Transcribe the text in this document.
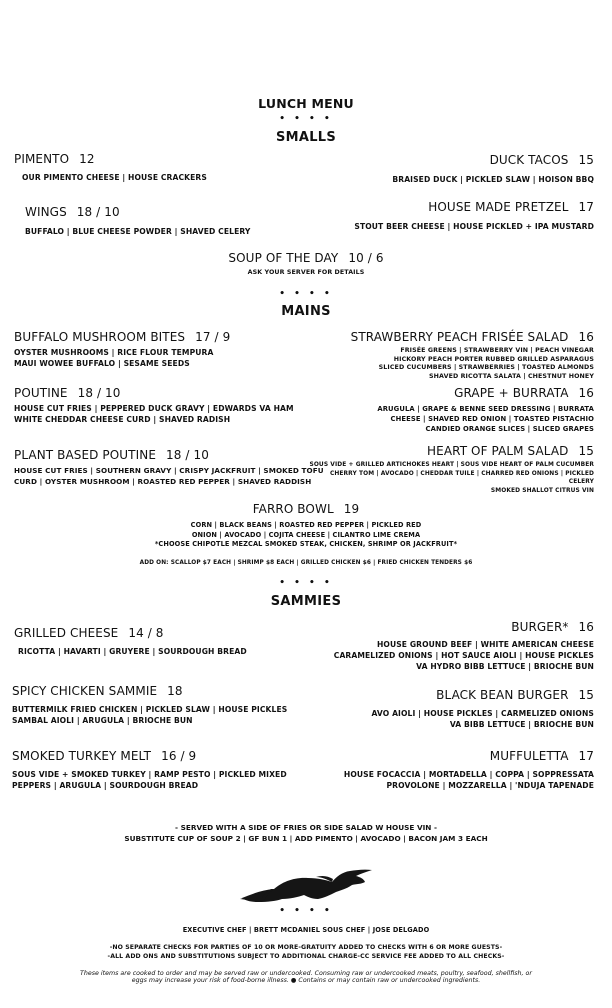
LUNCH MENU
• • • •
SMALLS
PIMENTO 12
OUR PIMENTO CHEESE | HOUSE CRACKERS
DUCK TACOS 15
BRAISED DUCK | PICKLED SLAW | HOISON BBQ
WINGS 18 / 10
BUFFALO | BLUE CHEESE POWDER | SHAVED CELERY
HOUSE MADE PRETZEL 17
STOUT BEER CHEESE | HOUSE PICKLED + IPA MUSTARD
SOUP OF THE DAY 10 / 6
ASK YOUR SERVER FOR DETAILS
• • • •
MAINS
BUFFALO MUSHROOM BITES 17 / 9
OYSTER MUSHROOMS | RICE FLOUR TEMPURA
MAUI WOWEE BUFFALO | SESAME SEEDS
STRAWBERRY PEACH FRISÉE SALAD 16
FRISÉE GREENS | STRAWBERRY VIN | PEACH VINEGAR
HICKORY PEACH PORTER RUBBED GRILLED ASPARAGUS
SLICED CUCUMBERS | STRAWBERRIES | TOASTED ALMONDS
SHAVED RICOTTA SALATA | CHESTNUT HONEY
POUTINE 18 / 10
HOUSE CUT FRIES | PEPPERED DUCK GRAVY | EDWARDS VA HAM
WHITE CHEDDAR CHEESE CURD | SHAVED RADISH
GRAPE + BURRATA 16
ARUGULA | GRAPE & BENNE SEED DRESSING | BURRATA
CHEESE | SHAVED RED ONION | TOASTED PISTACHIO
CANDIED ORANGE SLICES | SLICED GRAPES
PLANT BASED POUTINE 18 / 10
HOUSE CUT FRIES | SOUTHERN GRAVY | CRISPY JACKFRUIT | SMOKED TOFU
CURD | OYSTER MUSHROOM | ROASTED RED PEPPER | SHAVED RADDISH
HEART OF PALM SALAD 15
SOUS VIDE + GRILLED ARTICHOKES HEART | SOUS VIDE HEART OF PALM CUCUMBER
CHERRY TOM | AVOCADO | CHEDDAR TUILE | CHARRED RED ONIONS | PICKLED
CELERY
SMOKED SHALLOT CITRUS VIN
FARRO BOWL 19
CORN | BLACK BEANS | ROASTED RED PEPPER | PICKLED RED
ONION | AVOCADO | COJITA CHEESE | CILANTRO LIME CREMA
*CHOOSE CHIPOTLE MEZCAL SMOKED STEAK, CHICKEN, SHRIMP OR JACKFRUIT*
ADD ON: SCALLOP $7 EACH | SHRIMP $8 EACH | GRILLED CHICKEN $6 | FRIED CHICKEN TENDERS $6
• • • •
SAMMIES
GRILLED CHEESE 14 / 8
RICOTTA | HAVARTI | GRUYERE | SOURDOUGH BREAD
BURGER* 16
HOUSE GROUND BEEF | WHITE AMERICAN CHEESE
CARAMELIZED ONIONS | HOT SAUCE AIOLI | HOUSE PICKLES
VA HYDRO BIBB LETTUCE | BRIOCHE BUN
SPICY CHICKEN SAMMIE 18
BUTTERMILK FRIED CHICKEN | PICKLED SLAW | HOUSE PICKLES
SAMBAL AIOLI | ARUGULA | BRIOCHE BUN
BLACK BEAN BURGER 15
AVO AIOLI | HOUSE PICKLES | CARMELIZED ONIONS
VA BIBB LETTUCE | BRIOCHE BUN
SMOKED TURKEY MELT 16 / 9
SOUS VIDE + SMOKED TURKEY | RAMP PESTO | PICKLED MIXED
PEPPERS | ARUGULA | SOURDOUGH BREAD
MUFFULETTA 17
HOUSE FOCACCIA | MORTADELLA | COPPA | SOPPRESSATA
PROVOLONE | MOZZARELLA | 'NDUJA TAPENADE
- SERVED WITH A SIDE OF FRIES OR SIDE SALAD W HOUSE VIN -
SUBSTITUTE CUP OF SOUP 2 | GF BUN 1 | ADD PIMENTO | AVOCADO | BACON JAM 3 EACH
• • • •
EXECUTIVE CHEF | BRETT MCDANIEL SOUS CHEF | JOSE DELGADO
-NO SEPARATE CHECKS FOR PARTIES OF 10 OR MORE-GRATUITY ADDED TO CHECKS WITH 6 OR MORE GUESTS-
-ALL ADD ONS AND SUBSTITUTIONS SUBJECT TO ADDITIONAL CHARGE-CC SERVICE FEE ADDED TO ALL CHECKS-
These items are cooked to order and may be served raw or undercooked. Consuming raw or undercooked meats, poultry, seafood, shellfish, or
eggs may increase your risk of food-borne illness. ● Contains or may contain raw or undercooked ingredients.
